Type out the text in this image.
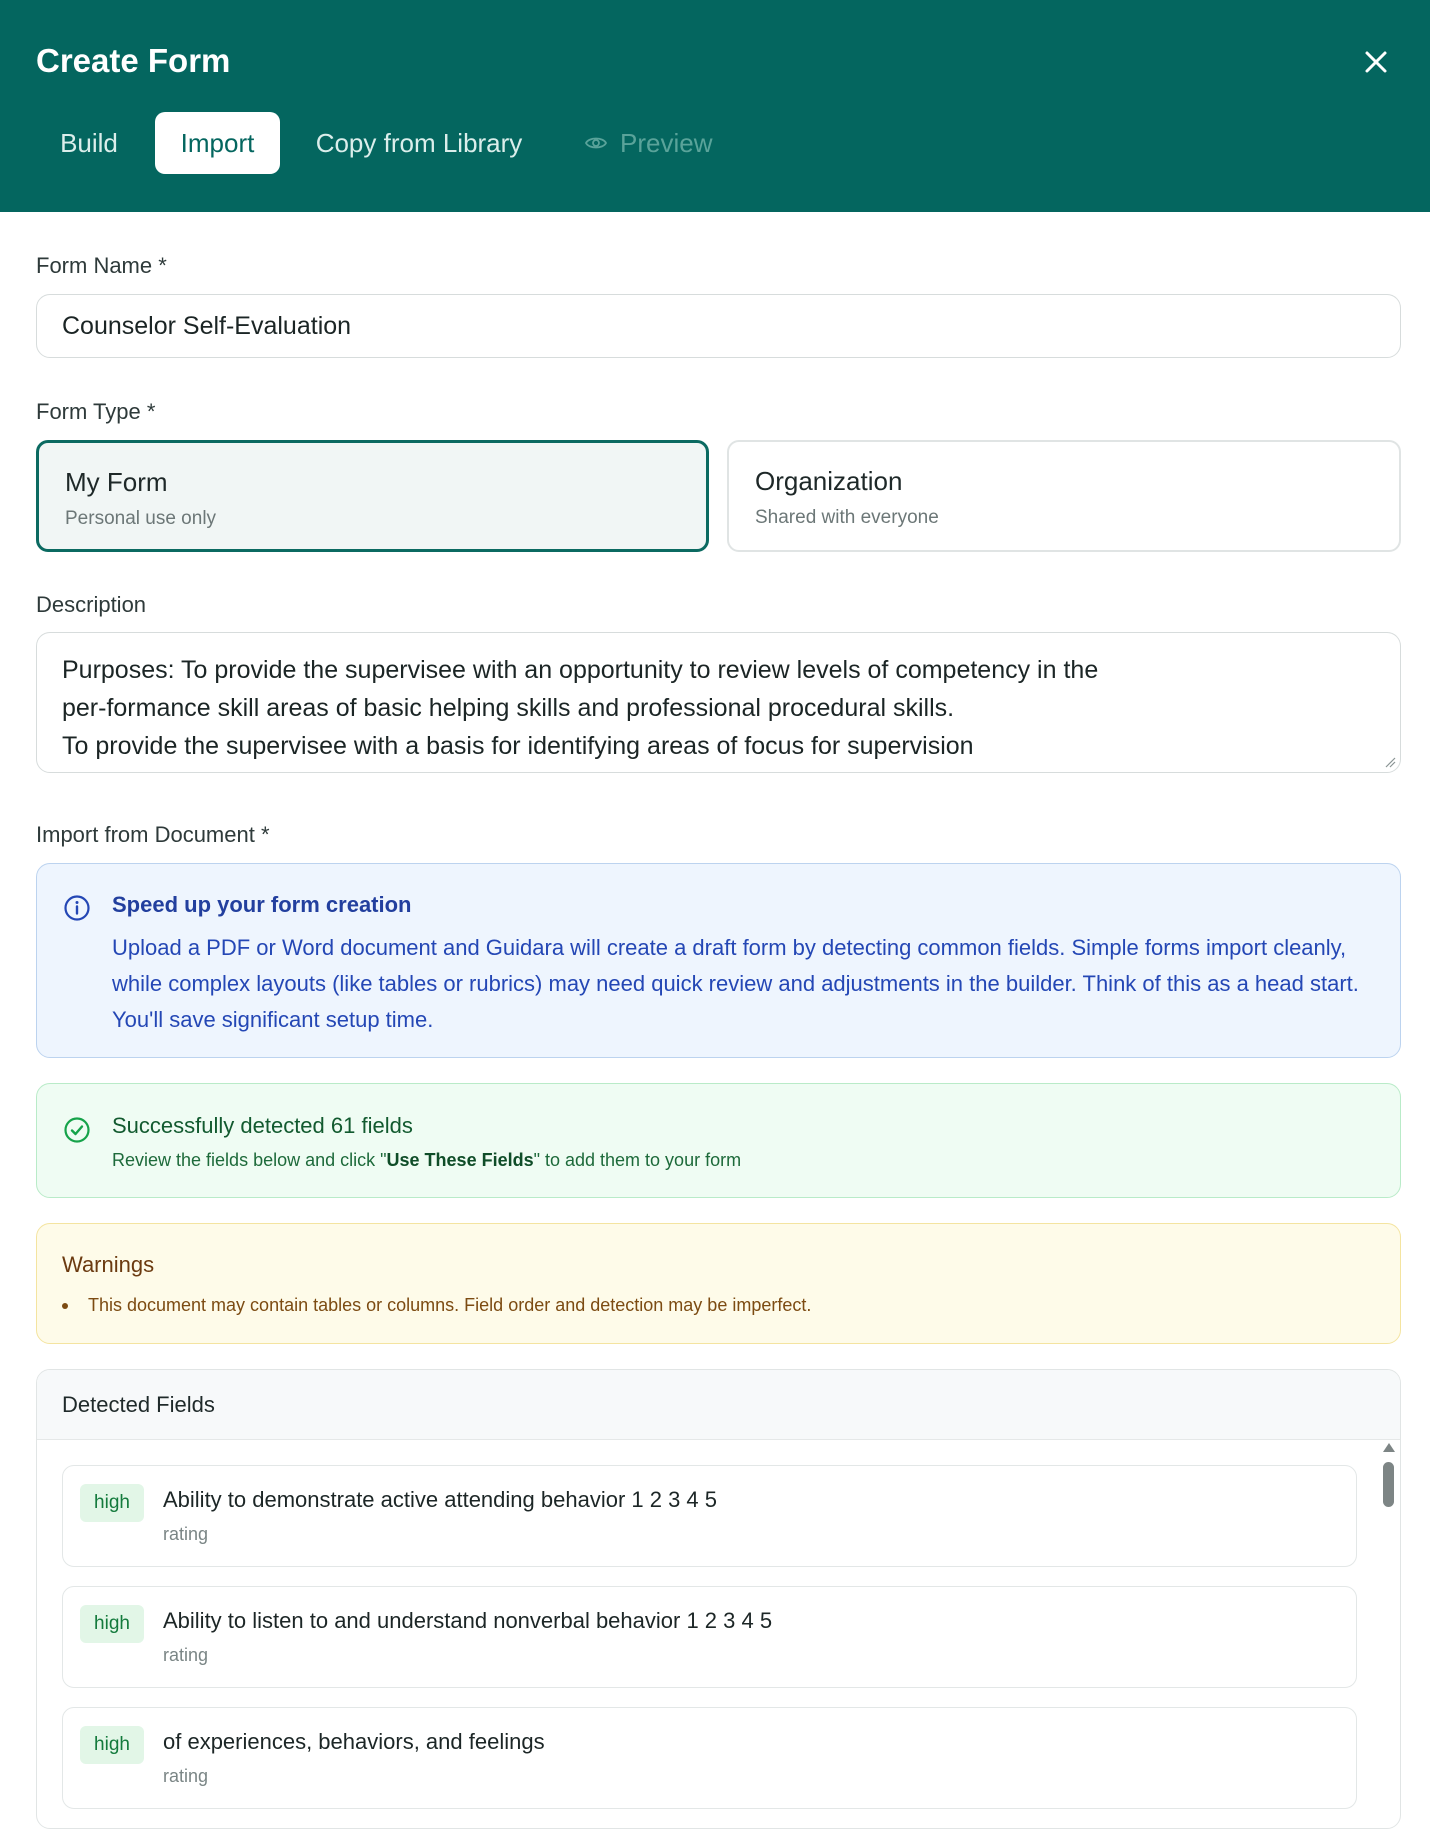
Create Form
Build	Import	Copy from Library	Preview
Form Name *
Counselor Self-Evaluation
Form Type *
My Form
Personal use only
Organization
Shared with everyone
Description
Purposes: To provide the supervisee with an opportunity to review levels of competency in the
per-formance skill areas of basic helping skills and professional procedural skills.
To provide the supervisee with a basis for identifying areas of focus for supervision
Import from Document *
Speed up your form creation
Upload a PDF or Word document and Guidara will create a draft form by detecting common fields. Simple forms import cleanly, while complex layouts (like tables or rubrics) may need quick review and adjustments in the builder. Think of this as a head start. You'll save significant setup time.
Successfully detected 61 fields
Review the fields below and click "Use These Fields" to add them to your form
Warnings
This document may contain tables or columns. Field order and detection may be imperfect.
Detected Fields
high	Ability to demonstrate active attending behavior 1 2 3 4 5
rating
high	Ability to listen to and understand nonverbal behavior 1 2 3 4 5
rating
high	of experiences, behaviors, and feelings
rating
